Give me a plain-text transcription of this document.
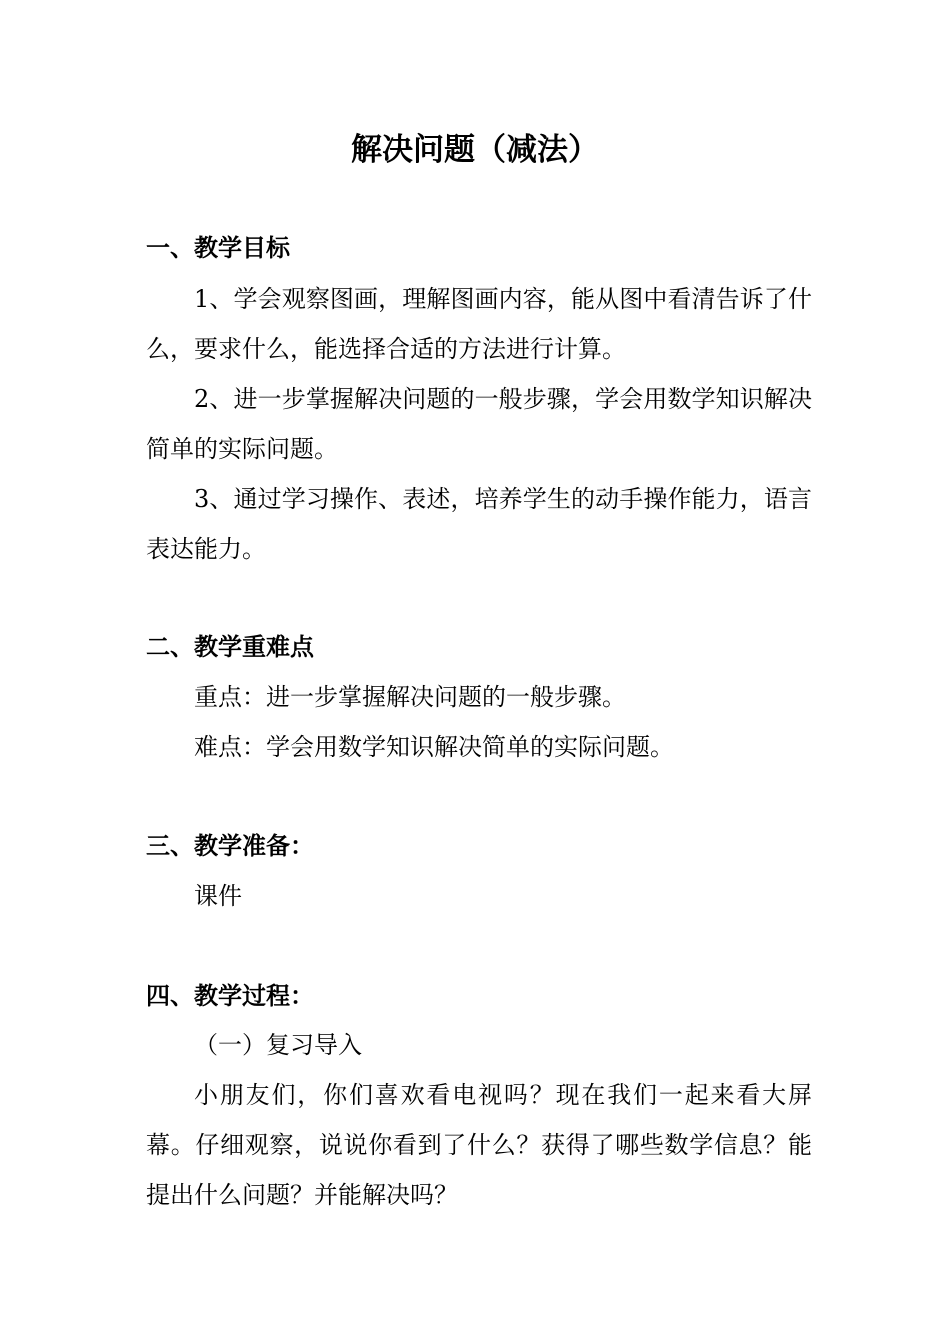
解决问题（减法）
一、教学目标

1、学会观察图画，理解图画内容，能从图中看清告诉了什么，要求什么，能选择合适的方法进行计算。

2、进一步掌握解决问题的一般步骤，学会用数学知识解决简单的实际问题。

3、通过学习操作、表述，培养学生的动手操作能力，语言表达能力。

二、教学重难点

重点：进一步掌握解决问题的一般步骤。

难点：学会用数学知识解决简单的实际问题。

三、教学准备：

课件

四、教学过程：

（一）复习导入

小朋友们，你们喜欢看电视吗？现在我们一起来看大屏幕。仔细观察，说说你看到了什么？获得了哪些数学信息？能提出什么问题？并能解决吗？
